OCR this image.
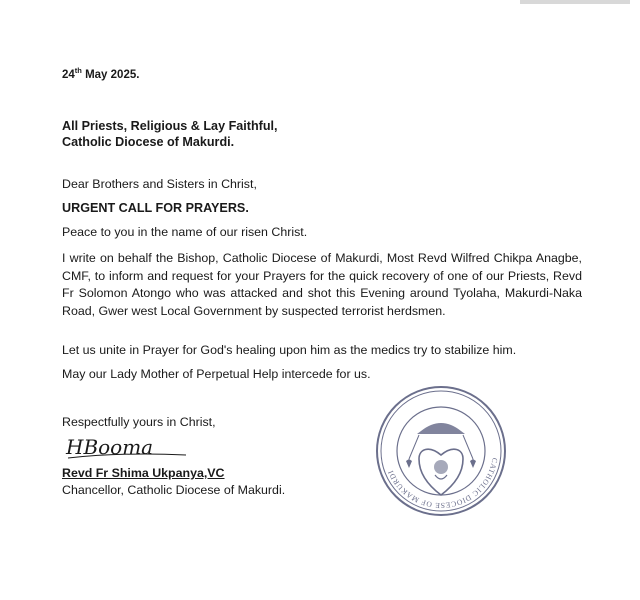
24th May 2025.

All Priests, Religious & Lay Faithful,
Catholic Diocese of Makurdi.

Dear Brothers and Sisters in Christ,

URGENT CALL FOR PRAYERS.

Peace to you in the name of our risen Christ.

I write on behalf the Bishop, Catholic Diocese of Makurdi, Most Revd Wilfred Chikpa Anagbe, CMF, to inform and request for your Prayers for the quick recovery of one of our Priests, Revd Fr Solomon Atongo who was attacked and shot this Evening around Tyolaha, Makurdi-Naka Road, Gwer west Local Government by suspected terrorist herdsmen.

Let us unite in Prayer for God's healing upon him as the medics try to stabilize him.

May our Lady Mother of Perpetual Help intercede for us.

Respectfully yours in Christ,

HBooma

Revd Fr Shima Ukpanya,VC

Chancellor, Catholic Diocese of Makurdi.

CATHOLIC DIOCESE OF MAKURDI
